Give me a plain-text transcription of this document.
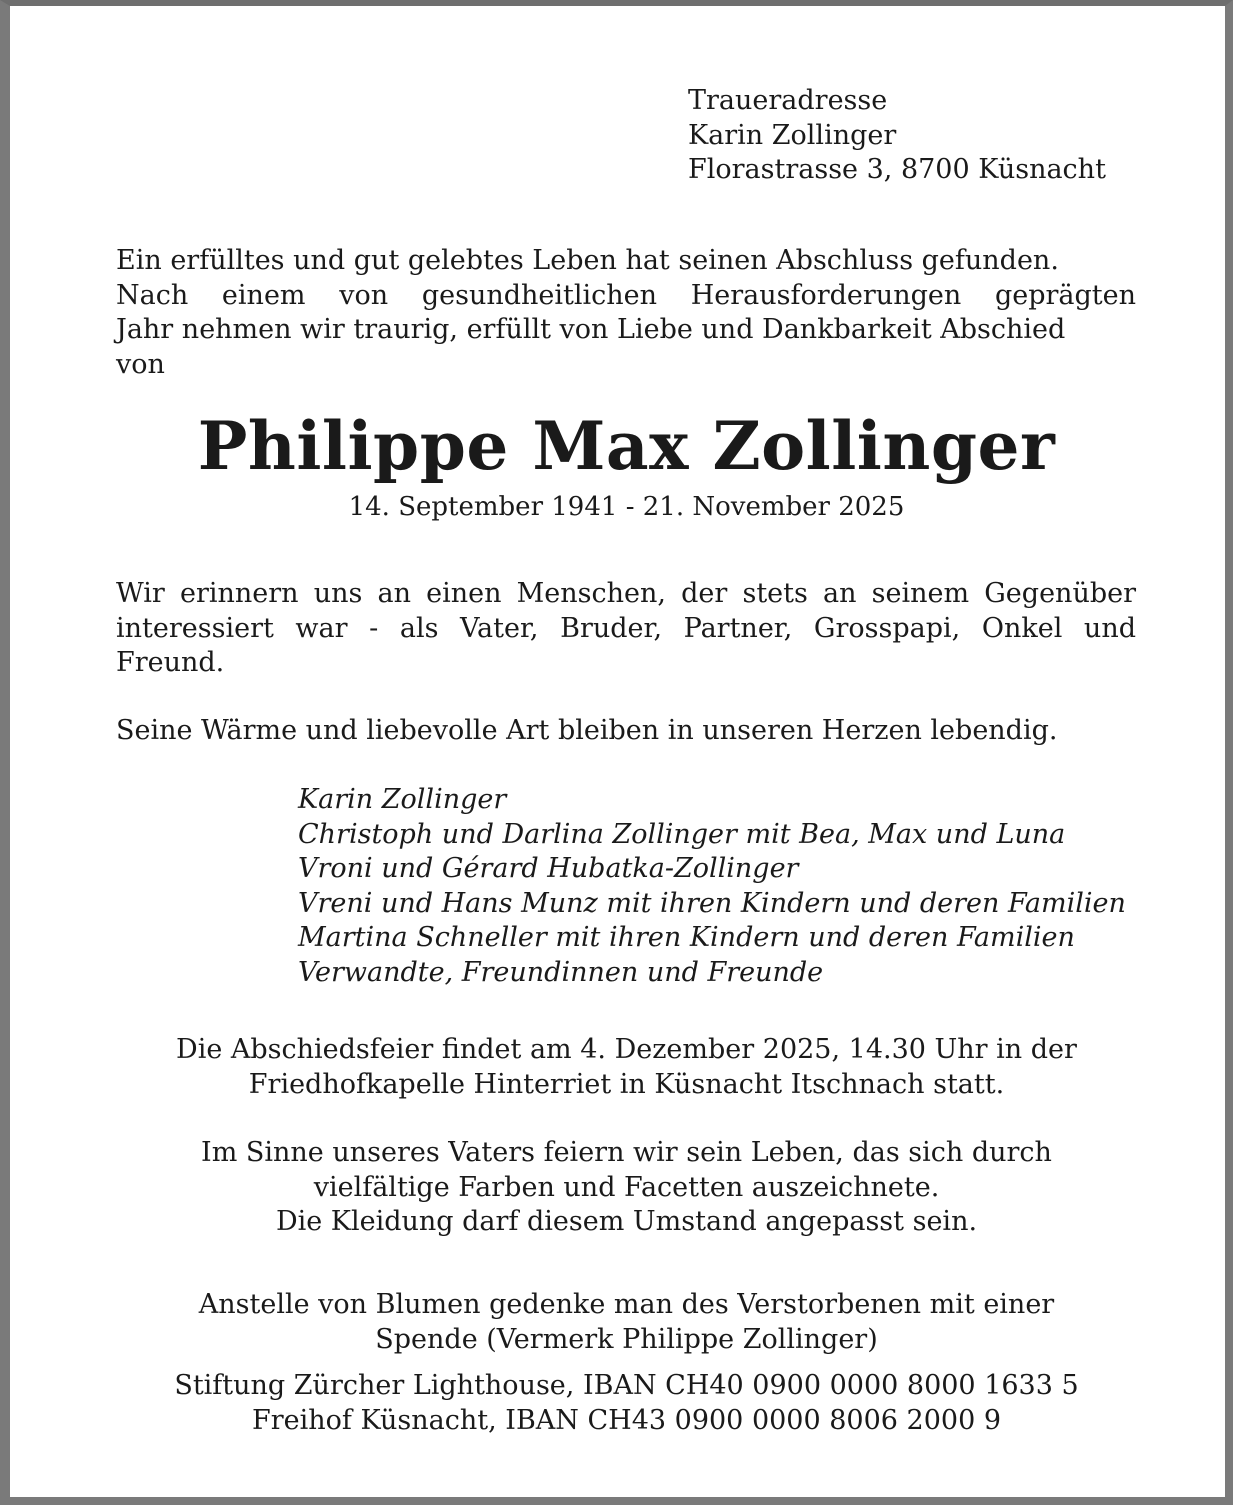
Traueradresse
Karin Zollinger
Florastrasse 3, 8700 Küsnacht
Ein erfülltes und gut gelebtes Leben hat seinen Abschluss gefunden.
Nach einem von gesundheitlichen Herausforderungen geprägten
Jahr nehmen wir traurig, erfüllt von Liebe und Dankbarkeit Abschied
von
Philippe Max Zollinger
14. September 1941 - 21. November 2025
Wir erinnern uns an einen Menschen, der stets an seinem Gegenüber
interessiert war - als Vater, Bruder, Partner, Grosspapi, Onkel und
Freund.
Seine Wärme und liebevolle Art bleiben in unseren Herzen lebendig.
Karin Zollinger
Christoph und Darlina Zollinger mit Bea, Max und Luna
Vroni und Gérard Hubatka-Zollinger
Vreni und Hans Munz mit ihren Kindern und deren Familien
Martina Schneller mit ihren Kindern und deren Familien
Verwandte, Freundinnen und Freunde
Die Abschiedsfeier findet am 4. Dezember 2025, 14.30 Uhr in der
Friedhofkapelle Hinterriet in Küsnacht Itschnach statt.
Im Sinne unseres Vaters feiern wir sein Leben, das sich durch
vielfältige Farben und Facetten auszeichnete.
Die Kleidung darf diesem Umstand angepasst sein.
Anstelle von Blumen gedenke man des Verstorbenen mit einer
Spende (Vermerk Philippe Zollinger)
Stiftung Zürcher Lighthouse, IBAN CH40 0900 0000 8000 1633 5
Freihof Küsnacht, IBAN CH43 0900 0000 8006 2000 9
